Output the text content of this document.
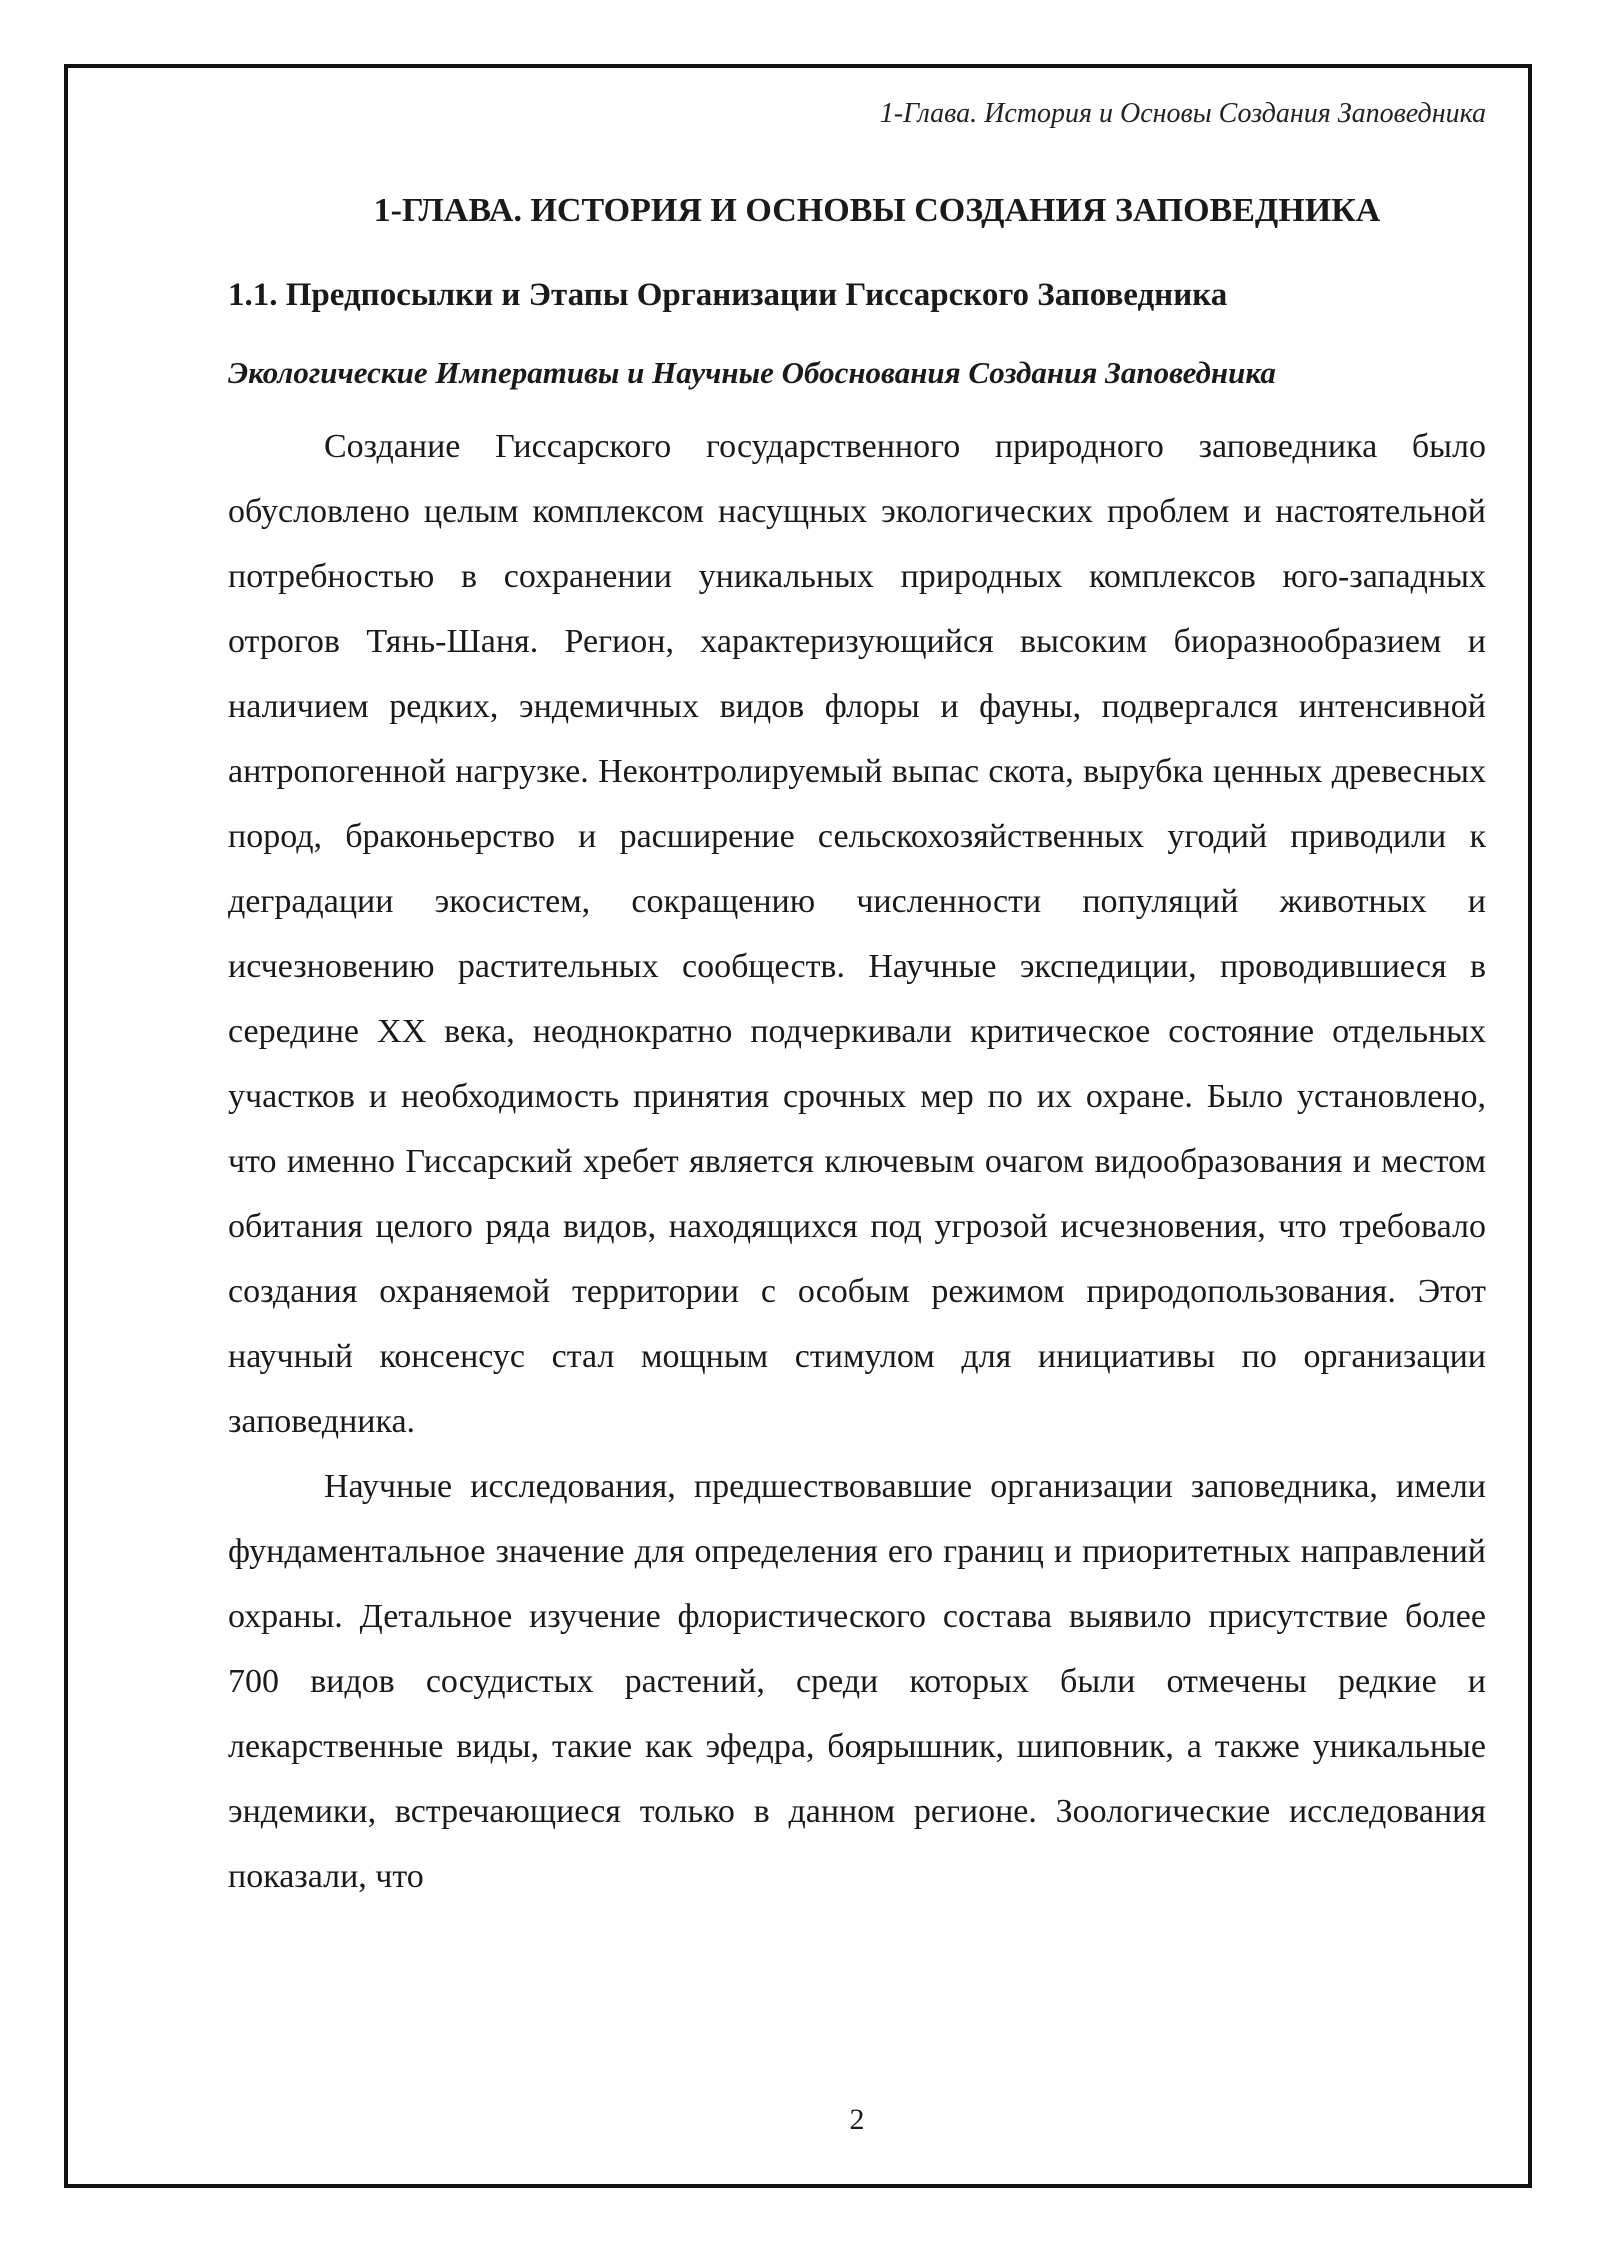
1-Глава. История и Основы Создания Заповедника
1-ГЛАВА. ИСТОРИЯ И ОСНОВЫ СОЗДАНИЯ ЗАПОВЕДНИКА
1.1. Предпосылки и Этапы Организации Гиссарского Заповедника
Экологические Императивы и Научные Обоснования Создания Заповедника

Создание Гиссарского государственного природного заповедника было обусловлено целым комплексом насущных экологических проблем и настоятельной потребностью в сохранении уникальных природных комплексов юго-западных отрогов Тянь-Шаня. Регион, характеризующийся высоким биоразнообразием и наличием редких, эндемичных видов флоры и фауны, подвергался интенсивной антропогенной нагрузке. Неконтролируемый выпас скота, вырубка ценных древесных пород, браконьерство и расширение сельскохозяйственных угодий приводили к деградации экосистем, сокращению численности популяций животных и исчезновению растительных сообществ. Научные экспедиции, проводившиеся в середине XX века, неоднократно подчеркивали критическое состояние отдельных участков и необходимость принятия срочных мер по их охране. Было установлено, что именно Гиссарский хребет является ключевым очагом видообразования и местом обитания целого ряда видов, находящихся под угрозой исчезновения, что требовало создания охраняемой территории с особым режимом природопользования. Этот научный консенсус стал мощным стимулом для инициативы по организации заповедника.

Научные исследования, предшествовавшие организации заповедника, имели фундаментальное значение для определения его границ и приоритетных направлений охраны. Детальное изучение флористического состава выявило присутствие более 700 видов сосудистых растений, среди которых были отмечены редкие и лекарственные виды, такие как эфедра, боярышник, шиповник, а также уникальные эндемики, встречающиеся только в данном регионе. Зоологические исследования показали, что

2
